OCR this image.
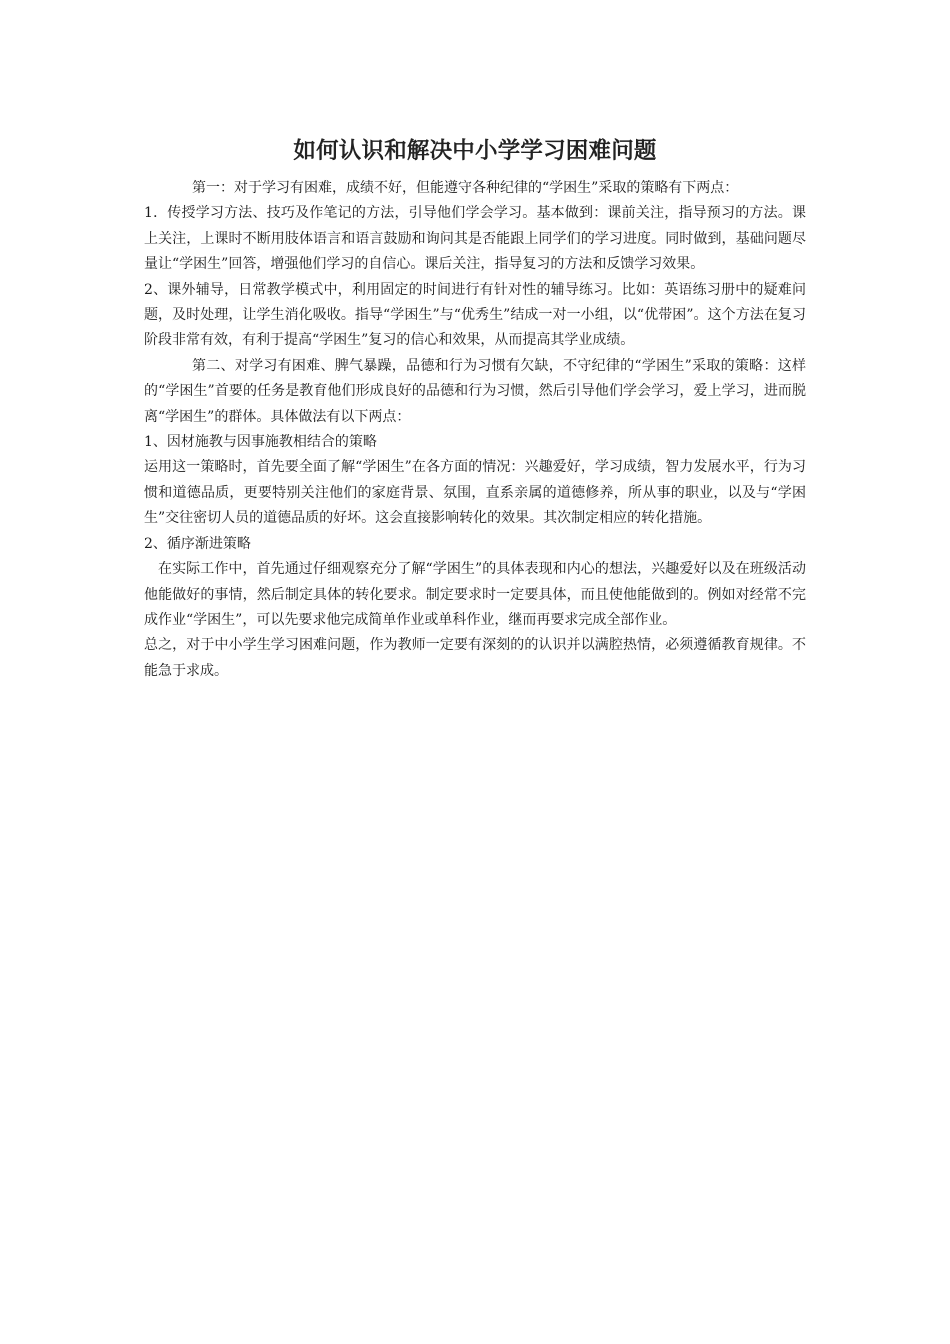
如何认识和解决中小学学习困难问题

第一：对于学习有困难，成绩不好，但能遵守各种纪律的“学困生”采取的策略有下两点：

1．传授学习方法、技巧及作笔记的方法，引导他们学会学习。基本做到：课前关注，指导预习的方法。课上关注，上课时不断用肢体语言和语言鼓励和询问其是否能跟上同学们的学习进度。同时做到，基础问题尽量让“学困生”回答，增强他们学习的自信心。课后关注，指导复习的方法和反馈学习效果。

2、课外辅导，日常教学模式中，利用固定的时间进行有针对性的辅导练习。比如：英语练习册中的疑难问题，及时处理，让学生消化吸收。指导“学困生”与“优秀生”结成一对一小组，以“优带困”。这个方法在复习阶段非常有效，有利于提高“学困生”复习的信心和效果，从而提高其学业成绩。

第二、对学习有困难、脾气暴躁，品德和行为习惯有欠缺，不守纪律的“学困生”采取的策略：这样的“学困生”首要的任务是教育他们形成良好的品德和行为习惯，然后引导他们学会学习，爱上学习，进而脱离“学困生”的群体。具体做法有以下两点：

1、因材施教与因事施教相结合的策略

运用这一策略时，首先要全面了解“学困生”在各方面的情况：兴趣爱好，学习成绩，智力发展水平，行为习惯和道德品质，更要特别关注他们的家庭背景、氛围，直系亲属的道德修养，所从事的职业，以及与“学困生”交往密切人员的道德品质的好坏。这会直接影响转化的效果。其次制定相应的转化措施。

2、循序渐进策略

在实际工作中，首先通过仔细观察充分了解“学困生”的具体表现和内心的想法，兴趣爱好以及在班级活动他能做好的事情，然后制定具体的转化要求。制定要求时一定要具体，而且使他能做到的。例如对经常不完成作业“学困生”，可以先要求他完成简单作业或单科作业，继而再要求完成全部作业。

总之，对于中小学生学习困难问题，作为教师一定要有深刻的的认识并以满腔热情，必须遵循教育规律。不能急于求成。
